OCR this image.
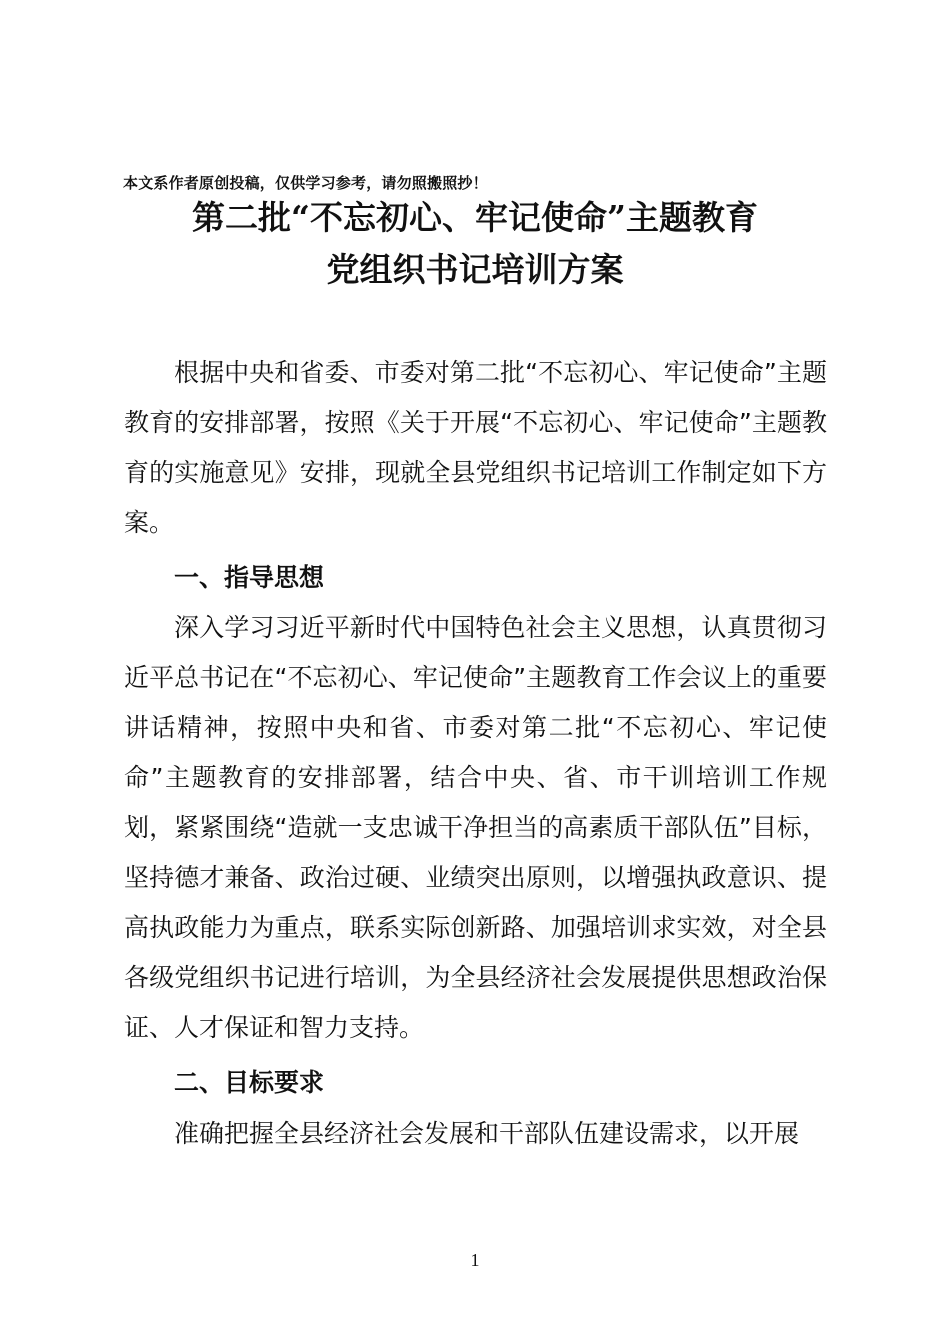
本文系作者原创投稿，仅供学习参考，请勿照搬照抄！
第二批“不忘初心、牢记使命”主题教育
党组织书记培训方案
根据中央和省委、市委对第二批“不忘初心、牢记使命”主题教育的安排部署，按照《关于开展“不忘初心、牢记使命”主题教育的实施意见》安排，现就全县党组织书记培训工作制定如下方案。
一、指导思想
深入学习习近平新时代中国特色社会主义思想，认真贯彻习近平总书记在“不忘初心、牢记使命”主题教育工作会议上的重要讲话精神，按照中央和省、市委对第二批“不忘初心、牢记使命”主题教育的安排部署，结合中央、省、市干训培训工作规划，紧紧围绕“造就一支忠诚干净担当的高素质干部队伍”目标，坚持德才兼备、政治过硬、业绩突出原则，以增强执政意识、提高执政能力为重点，联系实际创新路、加强培训求实效，对全县各级党组织书记进行培训，为全县经济社会发展提供思想政治保证、人才保证和智力支持。
二、目标要求
准确把握全县经济社会发展和干部队伍建设需求，以开展
1
